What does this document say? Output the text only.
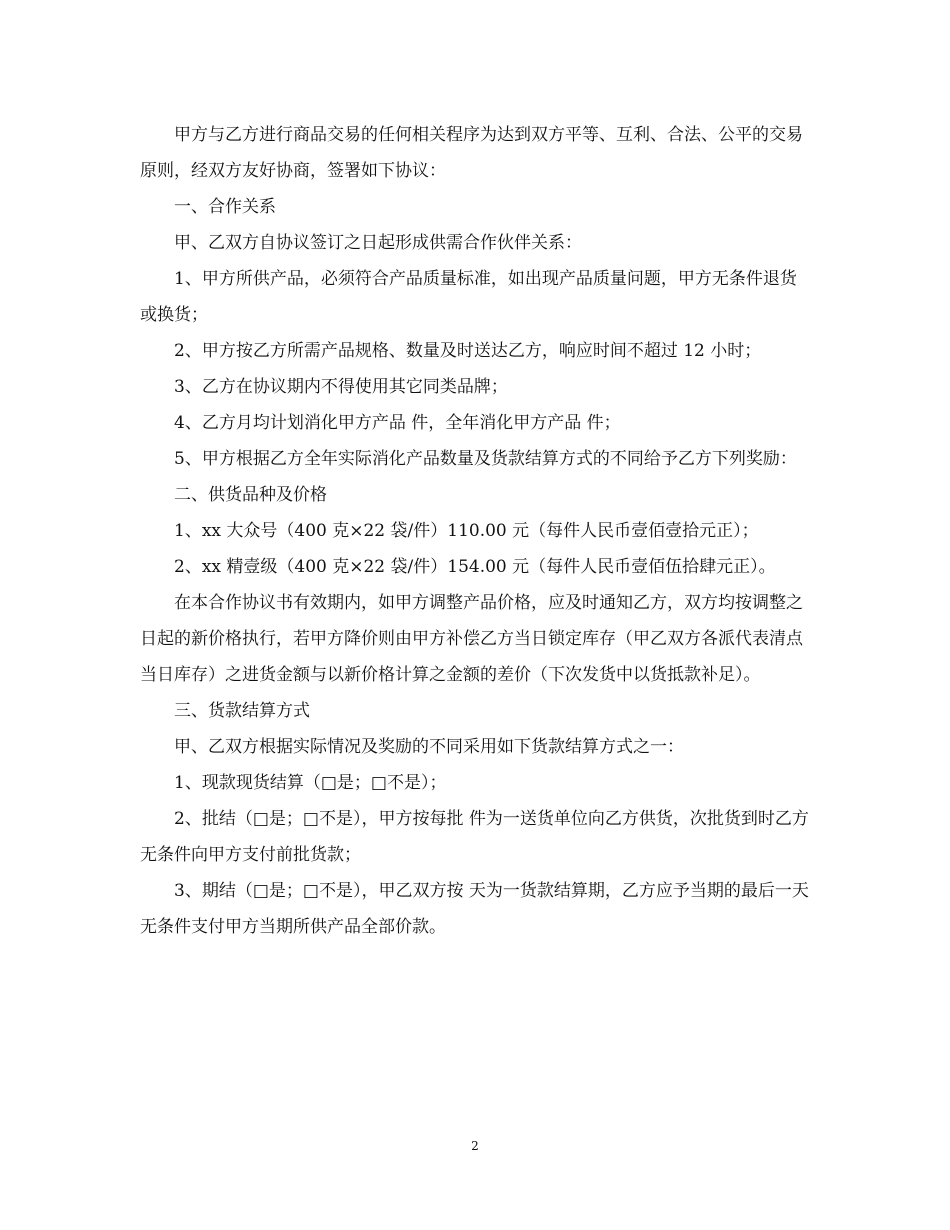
甲方与乙方进行商品交易的任何相关程序为达到双方平等、互利、合法、公平的交易原则，经双方友好协商，签署如下协议：

一、合作关系

甲、乙双方自协议签订之日起形成供需合作伙伴关系：

1、甲方所供产品，必须符合产品质量标准，如出现产品质量问题，甲方无条件退货或换货；

2、甲方按乙方所需产品规格、数量及时送达乙方，响应时间不超过 12 小时；

3、乙方在协议期内不得使用其它同类品牌；

4、乙方月均计划消化甲方产品 件，全年消化甲方产品 件；

5、甲方根据乙方全年实际消化产品数量及货款结算方式的不同给予乙方下列奖励：

二、供货品种及价格

1、xx 大众号（400 克×22 袋/件）110.00 元（每件人民币壹佰壹拾元正）；

2、xx 精壹级（400 克×22 袋/件）154.00 元（每件人民币壹佰伍拾肆元正）。

在本合作协议书有效期内，如甲方调整产品价格，应及时通知乙方，双方均按调整之日起的新价格执行，若甲方降价则由甲方补偿乙方当日锁定库存（甲乙双方各派代表清点当日库存）之进货金额与以新价格计算之金额的差价（下次发货中以货抵款补足）。

三、货款结算方式

甲、乙双方根据实际情况及奖励的不同采用如下货款结算方式之一：

1、现款现货结算（□是；□不是）；

2、批结（□是；□不是），甲方按每批 件为一送货单位向乙方供货，次批货到时乙方无条件向甲方支付前批货款；

3、期结（□是；□不是），甲乙双方按 天为一货款结算期，乙方应予当期的最后一天无条件支付甲方当期所供产品全部价款。

2
